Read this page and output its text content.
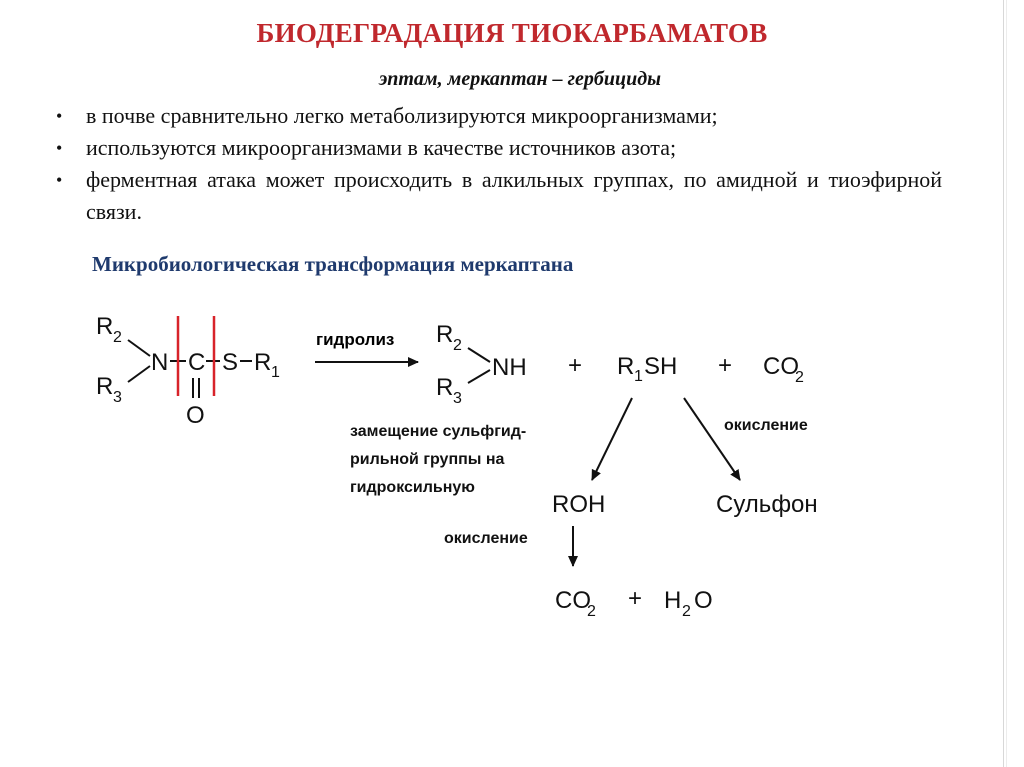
БИОДЕГРАДАЦИЯ ТИОКАРБАМАТОВ
эптам, меркаптан – гербициды
• в почве сравнительно легко метаболизируются микроорганизмами;
• используются микроорганизмами в качестве источников азота;
• ферментная атака может происходить в алкильных группах, по амидной и тиоэфирной связи.
Микробиологическая трансформация меркаптана
R 2
R 3
N C S R 1
O
гидролиз R 2
R 3
NH + R 1 SH + CO
2
замещение сульфгид-
рильной группы на
гидроксильную
окисление
ROH	Сульфон
окисление
CO
2 + H 2 O
